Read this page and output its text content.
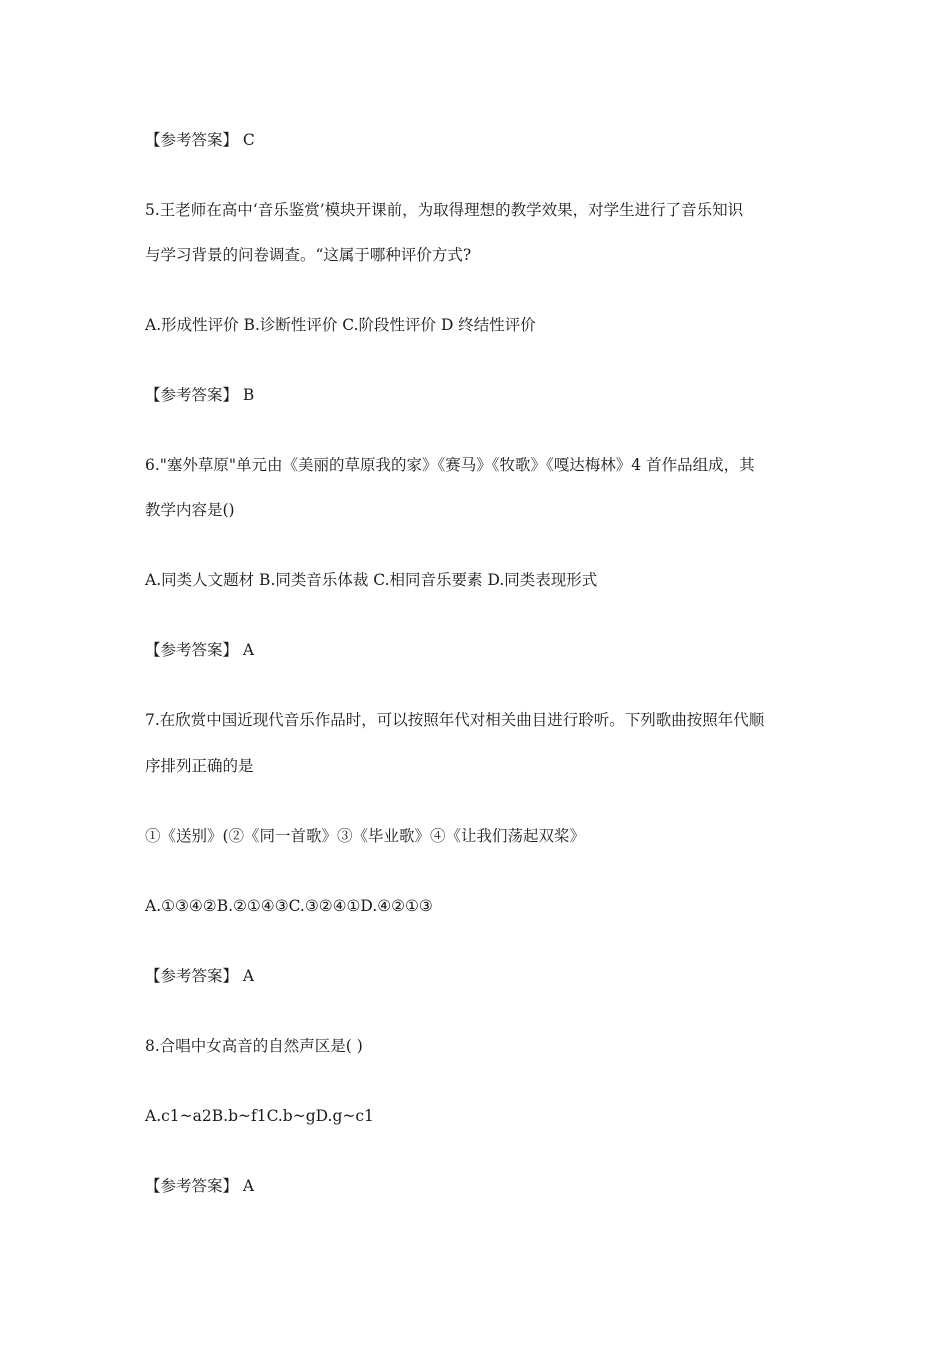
【参考答案】 C
5.王老师在高中‘音乐鉴赏’模块开课前，为取得理想的教学效果，对学生进行了音乐知识
与学习背景的问卷调查。“这属于哪种评价方式?
A.形成性评价 B.诊断性评价 C.阶段性评价 D 终结性评价
【参考答案】 B
6."塞外草原"单元由《美丽的草原我的家》《赛马》《牧歌》《嘎达梅林》4 首作品组成，其
教学内容是()
A.同类人文题材 B.同类音乐体裁 C.相同音乐要素 D.同类表现形式
【参考答案】 A
7.在欣赏中国近现代音乐作品时，可以按照年代对相关曲目进行聆听。下列歌曲按照年代顺
序排列正确的是
①《送别》(②《同一首歌》③《毕业歌》④《让我们荡起双桨》
A.①③④②B.②①④③C.③②④①D.④②①③
【参考答案】 A
8.合唱中女高音的自然声区是( )
A.c1~a2B.b~f1C.b~gD.g~c1
【参考答案】 A
